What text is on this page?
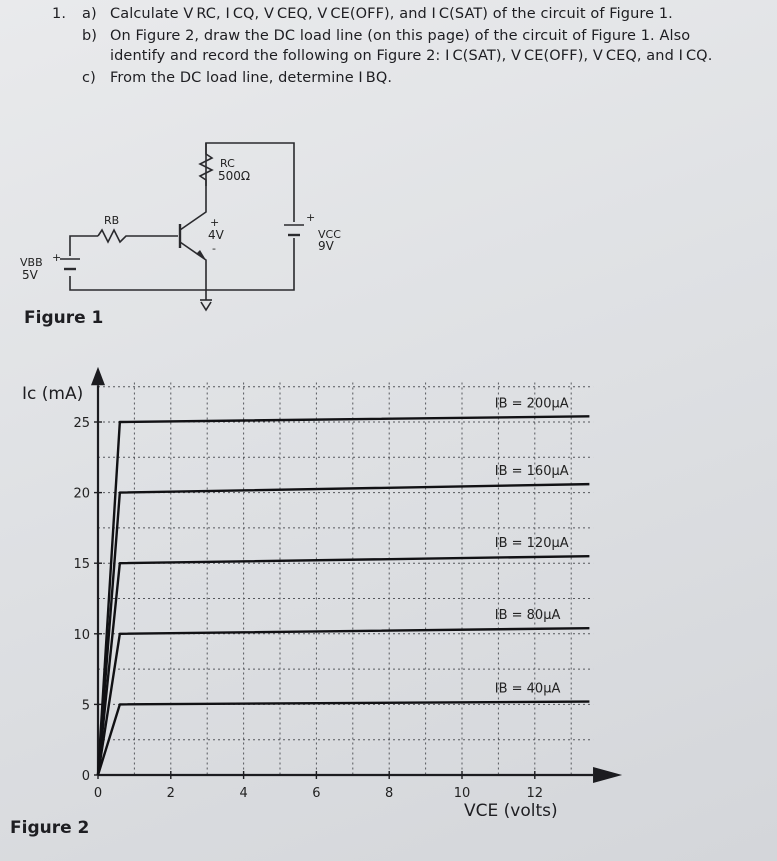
1. a) Calculate V RC, I CQ, V CEQ, V CE(OFF), and I C(SAT) of the circuit of Figure 1.
b) On Figure 2, draw the DC load line (on this page) of the circuit of Figure 1. Also
identify and record the following on Figure 2: I C(SAT), V CE(OFF), V CEQ, and I CQ.
c) From the DC load line, determine I BQ.
RC
500Ω
RB	+
4V
-
+
VCC
9V
VBB
5V
+
Figure 1
0	2	4	6	8	10	12
0
5
10
15
20
25
IB = 40μA
IB = 80μA
IB = 120μA
IB = 160μA
IB = 200μA
Ic (mA)
VCE (volts)
Figure 2
